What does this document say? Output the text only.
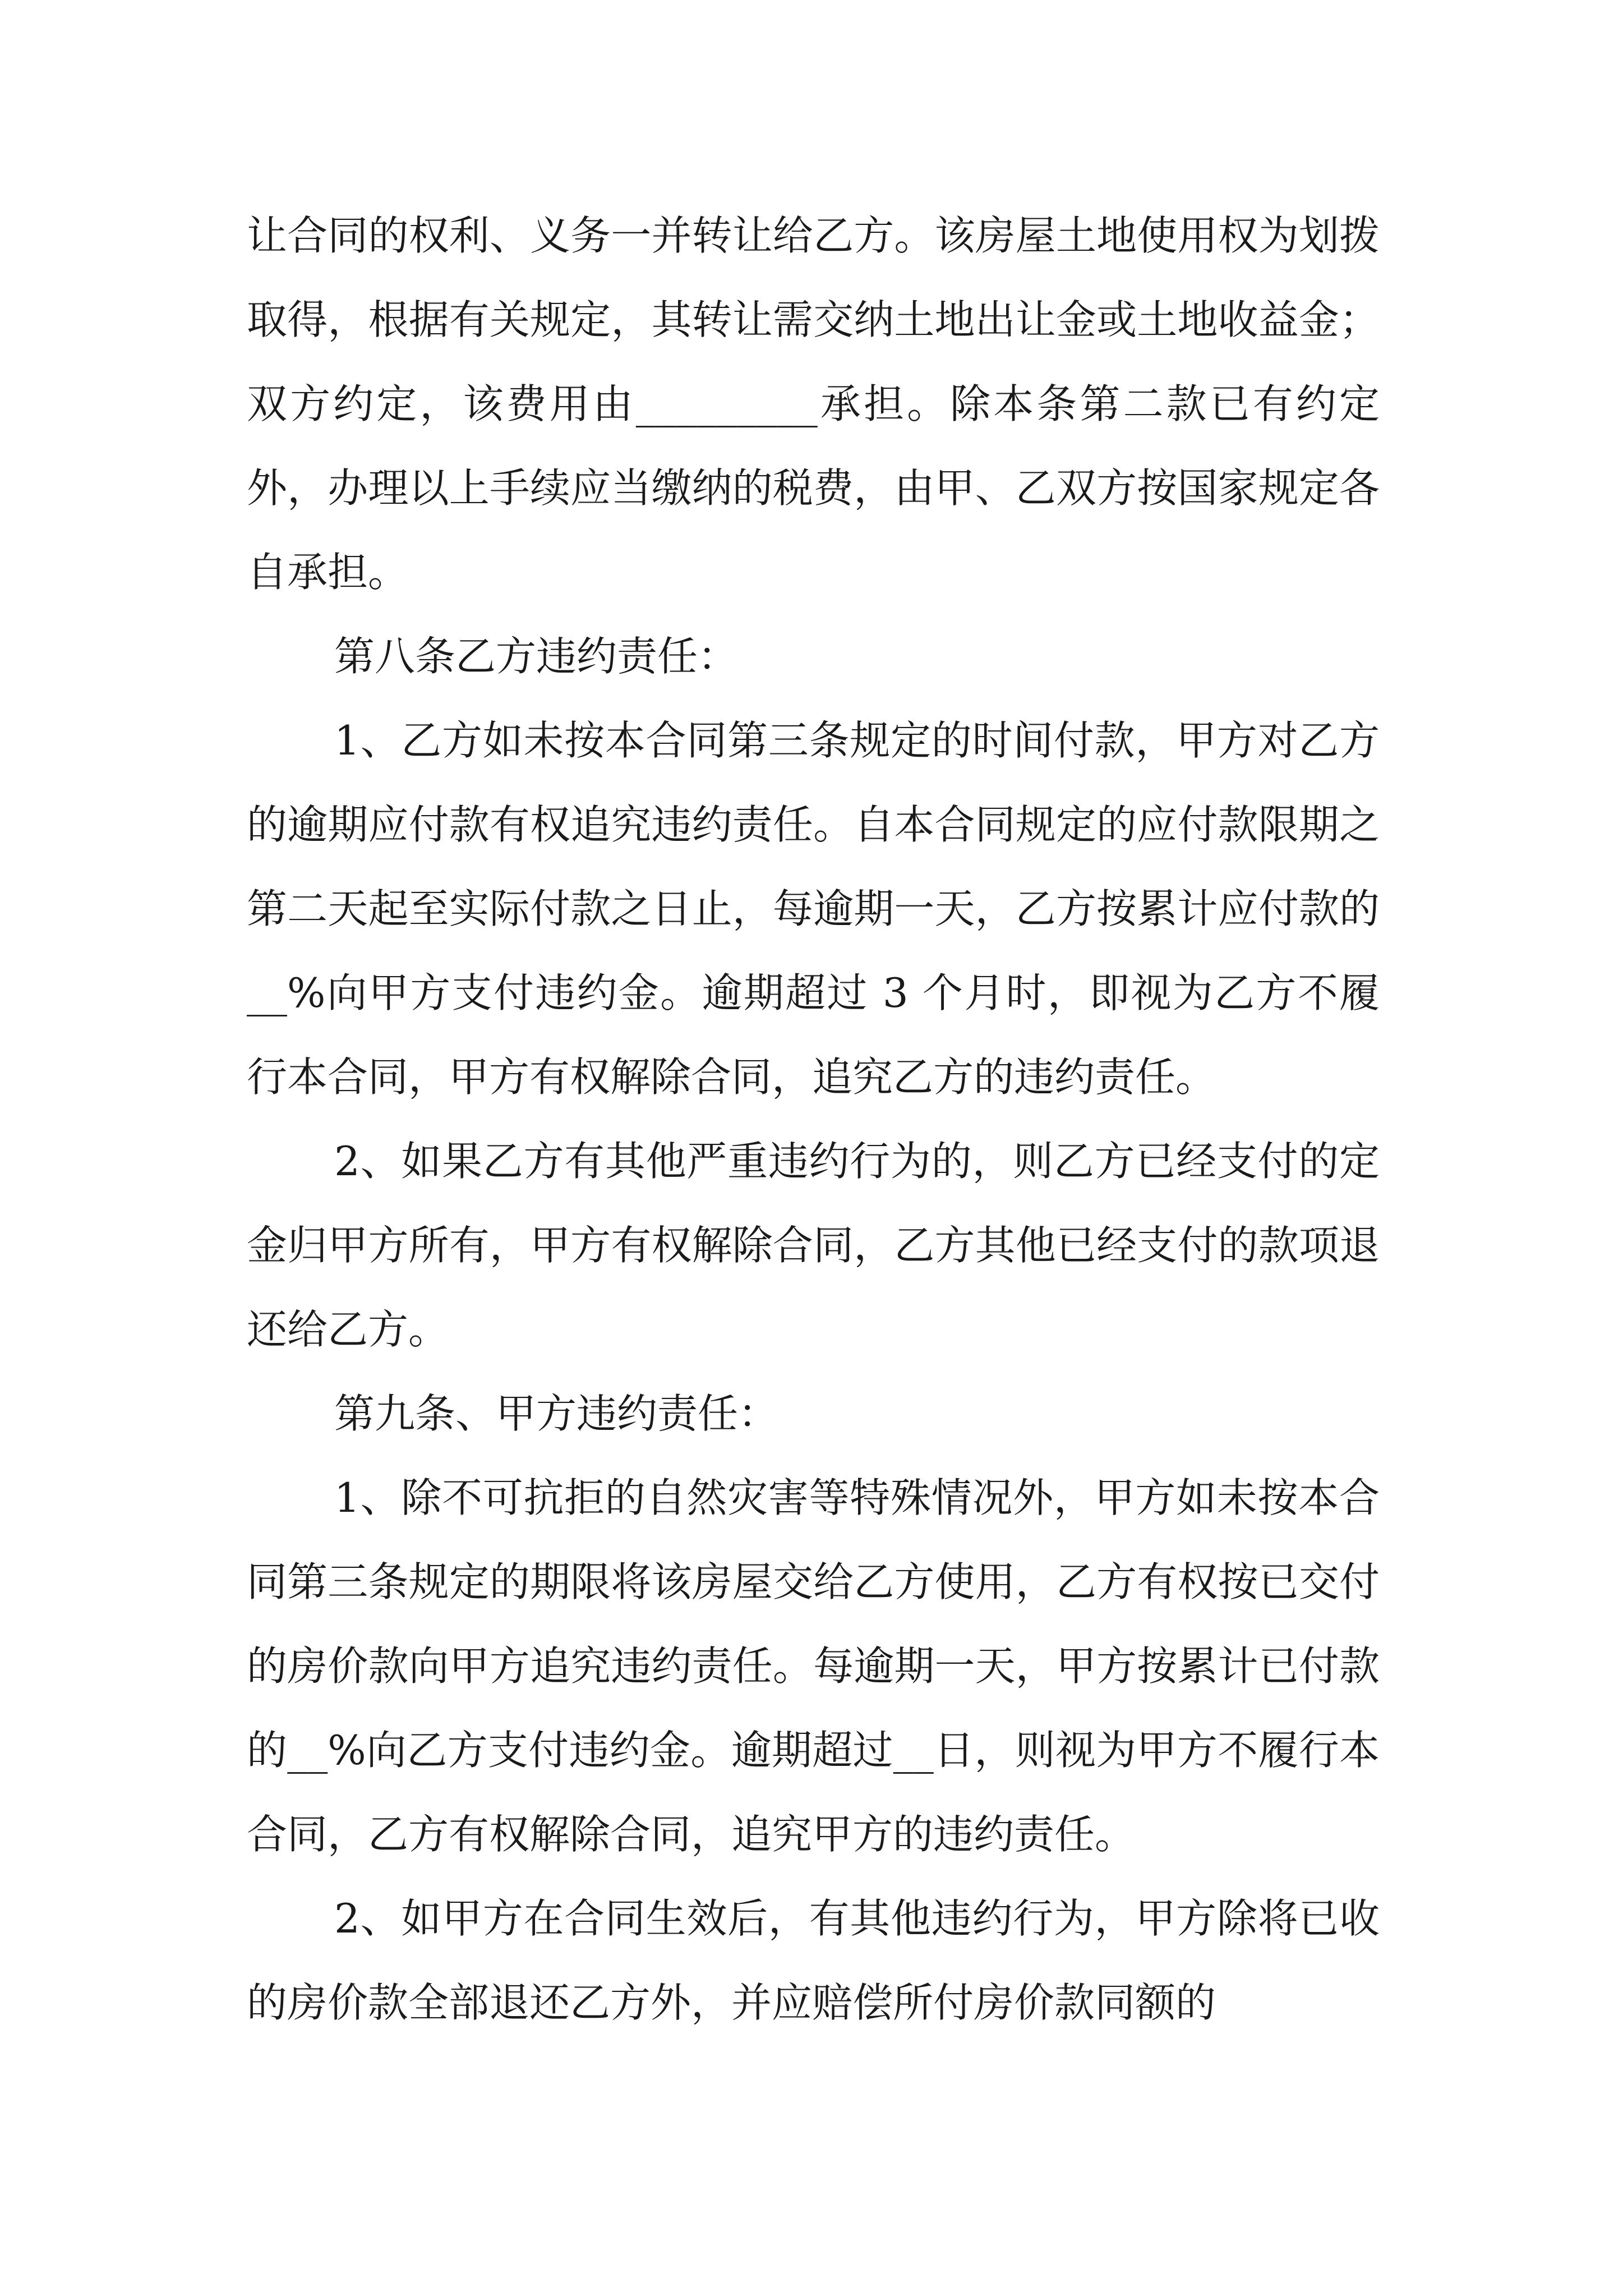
让合同的权利、义务一并转让给乙方。该房屋土地使用权为划拨取得，根据有关规定，其转让需交纳土地出让金或土地收益金；双方约定，该费用由_________承担。除本条第二款已有约定外，办理以上手续应当缴纳的税费，由甲、乙双方按国家规定各自承担。

第八条乙方违约责任：

1、乙方如未按本合同第三条规定的时间付款，甲方对乙方的逾期应付款有权追究违约责任。自本合同规定的应付款限期之第二天起至实际付款之日止，每逾期一天，乙方按累计应付款的__%向甲方支付违约金。逾期超过 3 个月时，即视为乙方不履行本合同，甲方有权解除合同，追究乙方的违约责任。

2、如果乙方有其他严重违约行为的，则乙方已经支付的定金归甲方所有，甲方有权解除合同，乙方其他已经支付的款项退还给乙方。

第九条、甲方违约责任：

1、除不可抗拒的自然灾害等特殊情况外，甲方如未按本合同第三条规定的期限将该房屋交给乙方使用，乙方有权按已交付的房价款向甲方追究违约责任。每逾期一天，甲方按累计已付款的__%向乙方支付违约金。逾期超过__日，则视为甲方不履行本合同，乙方有权解除合同，追究甲方的违约责任。

2、如甲方在合同生效后，有其他违约行为，甲方除将已收的房价款全部退还乙方外，并应赔偿所付房价款同额的
